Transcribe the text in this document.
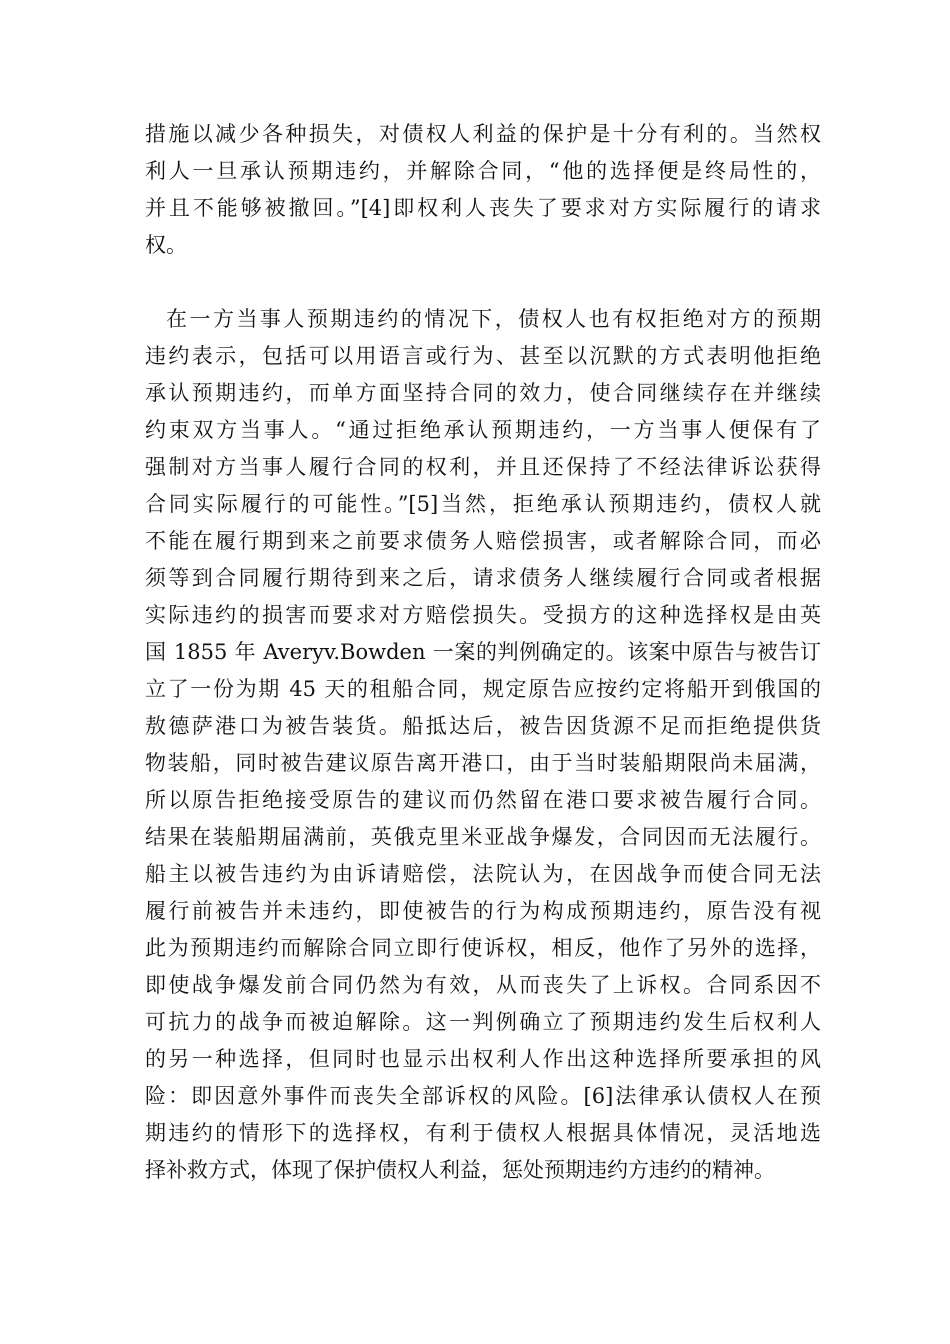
措施以减少各种损失，对债权人利益的保护是十分有利的。当然权
利人一旦承认预期违约，并解除合同，“他的选择便是终局性的，
并且不能够被撤回。”[4]即权利人丧失了要求对方实际履行的请求
权。
在一方当事人预期违约的情况下，债权人也有权拒绝对方的预期
违约表示，包括可以用语言或行为、甚至以沉默的方式表明他拒绝
承认预期违约，而单方面坚持合同的效力，使合同继续存在并继续
约束双方当事人。“通过拒绝承认预期违约，一方当事人便保有了
强制对方当事人履行合同的权利，并且还保持了不经法律诉讼获得
合同实际履行的可能性。”[5]当然，拒绝承认预期违约，债权人就
不能在履行期到来之前要求债务人赔偿损害，或者解除合同，而必
须等到合同履行期待到来之后，请求债务人继续履行合同或者根据
实际违约的损害而要求对方赔偿损失。受损方的这种选择权是由英
国 1855 年 Averyv.Bowden 一案的判例确定的。该案中原告与被告订
立了一份为期 45 天的租船合同，规定原告应按约定将船开到俄国的
敖德萨港口为被告装货。船抵达后，被告因货源不足而拒绝提供货
物装船，同时被告建议原告离开港口，由于当时装船期限尚未届满，
所以原告拒绝接受原告的建议而仍然留在港口要求被告履行合同。
结果在装船期届满前，英俄克里米亚战争爆发，合同因而无法履行。
船主以被告违约为由诉请赔偿，法院认为，在因战争而使合同无法
履行前被告并未违约，即使被告的行为构成预期违约，原告没有视
此为预期违约而解除合同立即行使诉权，相反，他作了另外的选择，
即使战争爆发前合同仍然为有效，从而丧失了上诉权。合同系因不
可抗力的战争而被迫解除。这一判例确立了预期违约发生后权利人
的另一种选择，但同时也显示出权利人作出这种选择所要承担的风
险：即因意外事件而丧失全部诉权的风险。[6]法律承认债权人在预
期违约的情形下的选择权，有利于债权人根据具体情况，灵活地选
择补救方式，体现了保护债权人利益，惩处预期违约方违约的精神。
